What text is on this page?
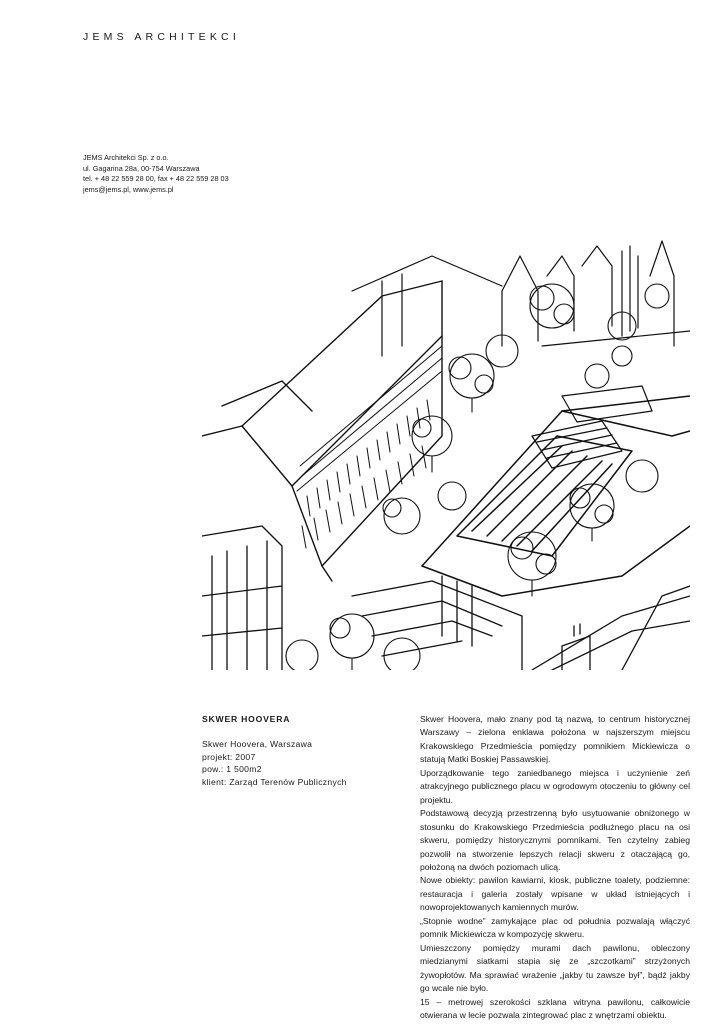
JEMS ARCHITEKCI
JEMS Architekci Sp. z o.o.
ul. Gagarina 28a, 00-754 Warszawa
tel. + 48 22 559 28 00, fax + 48 22 559 28 03
jems@jems.pl, www.jems.pl
SKWER HOOVERA
Skwer Hoovera, Warszawa
projekt: 2007
pow.: 1 500m2
klient: Zarząd Terenów Publicznych

Skwer Hoovera, mało znany pod tą nazwą, to centrum historycznej Warszawy – zielona enklawa położona w najszerszym miejscu Krakowskiego Przedmieścia pomiędzy pomnikiem Mickiewicza o statują Matki Boskiej Passawskiej.

Uporządkowanie tego zaniedbanego miejsca i uczynienie zeń atrakcyjnego publicznego placu w ogrodowym otoczeniu to główny cel projektu.

Podstawową decyzją przestrzenną było usytuowanie obniżonego w stosunku do Krakowskiego Przedmieścia podłużnego placu na osi skweru, pomiędzy historycznymi pomnikami. Ten czytelny zabieg pozwolił na stworzenie lepszych relacji skweru z otaczającą go, położoną na dwóch poziomach ulicą.

Nowe obiekty: pawilon kawiarni, kiosk, publiczne toalety, podziemne: restauracja i galeria zostały wpisane w układ istniejących i nowoprojektowanych kamiennych murów.

„Stopnie wodne” zamykające plac od południa pozwalają włączyć pomnik Mickiewicza w kompozycję skweru.

Umieszczony pomiędzy murami dach pawilonu, obleczony miedzianymi siatkami stapia się ze „szczotkami” strzyżonych żywopłotów. Ma sprawiać wrażenie „jakby tu zawsze był”, bądź jakby go wcale nie było.

15 – metrowej szerokości szklana witryna pawilonu, całkowicie otwierana w lecie pozwala zintegrować plac z wnętrzami obiektu.
